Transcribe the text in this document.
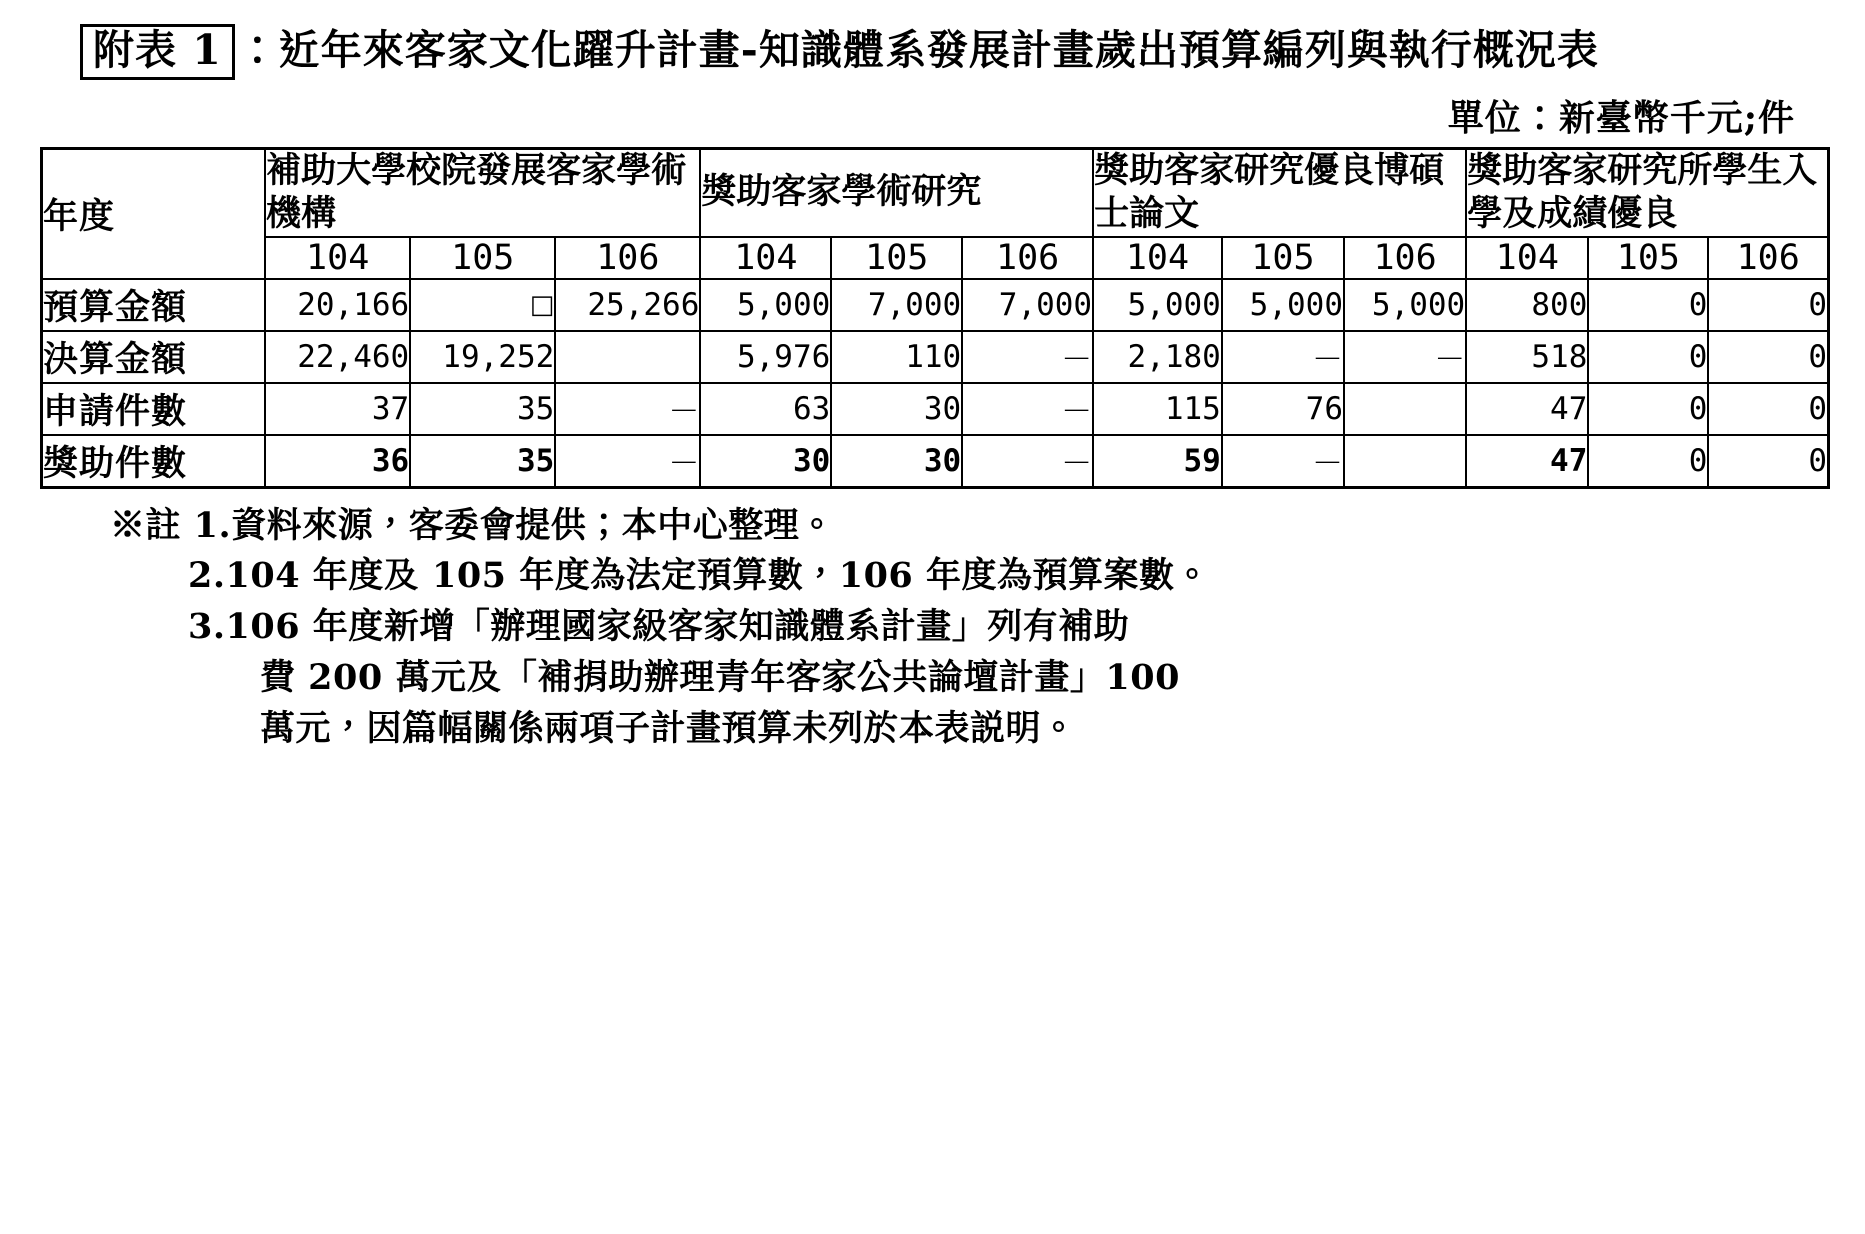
附表 1 ：近年來客家文化躍升計畫-知識體系發展計畫歲出預算編列與執行概況表
單位：新臺幣千元;件
年度	補助大學校院發展客家學術機構			獎助客家學術研究			獎助客家研究優良博碩士論文			獎助客家研究所學生入學及成績優良		
	104	105	106	104	105	106	104	105	106	104	105	106
預算金額	20,166	□	25,266	5,000	7,000	7,000	5,000	5,000	5,000	800	0	0
決算金額	22,460	19,252		5,976	110	－	2,180	－	－	518	0	0
申請件數	37	35	－	63	30	－	115	76		47	0	0
獎助件數	36	35	－	30	30	－	59	－		47	0	0
※註 1.資料來源，客委會提供；本中心整理。
2.104 年度及 105 年度為法定預算數，106 年度為預算案數。
3.106 年度新增「辦理國家級客家知識體系計畫」列有補助
費 200 萬元及「補捐助辦理青年客家公共論壇計畫」100
萬元，因篇幅關係兩項子計畫預算未列於本表説明。
